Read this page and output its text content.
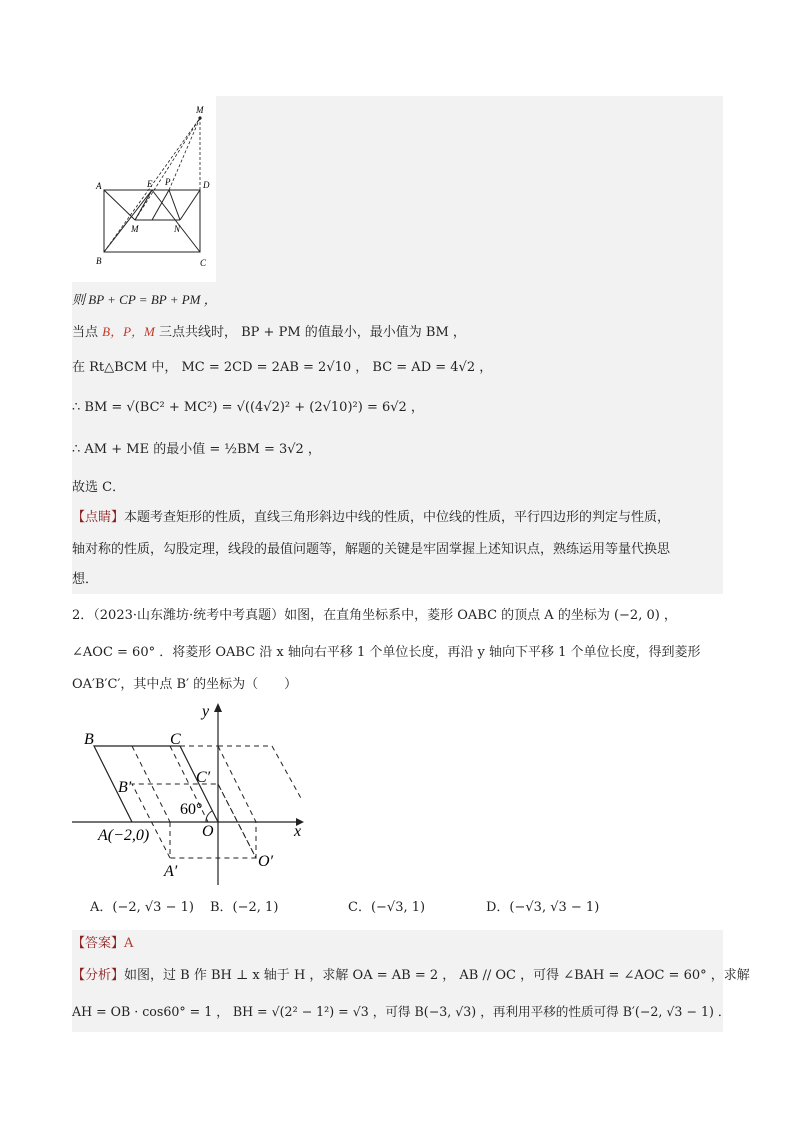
M
A	E P	D
M	N
B	C
则 BP + CP = BP + PM ，
当点 B，P，M 三点共线时， BP + PM 的值最小，最小值为 BM ，
在 Rt△BCM 中， MC = 2CD = 2AB = 2√10 ， BC = AD = 4√2 ，
∴ BM = √(BC² + MC²) = √((4√2)² + (2√10)²) = 6√2 ，
∴ AM + ME 的最小值 = ½BM = 3√2 ，
故选 C．
【点睛】本题考查矩形的性质，直线三角形斜边中线的性质，中位线的性质，平行四边形的判定与性质，
轴对称的性质，勾股定理，线段的最值问题等，解题的关键是牢固掌握上述知识点，熟练运用等量代换思
想．
2．（2023·山东潍坊·统考中考真题）如图，在直角坐标系中，菱形 OABC 的顶点 A 的坐标为 (−2, 0) ，
∠AOC = 60° ．将菱形 OABC 沿 x 轴向右平移 1 个单位长度，再沿 y 轴向下平移 1 个单位长度，得到菱形
OA′B′C′，其中点 B′ 的坐标为（　　）
y
x
B	C
B′
C′
60°
O
A(−2,0)
A′
O′
A．(−2, √3 − 1) B．(−2, 1)	C．(−√3, 1)	D．(−√3, √3 − 1)
【答案】A
【分析】如图，过 B 作 BH ⊥ x 轴于 H ，求解 OA = AB = 2 ， AB // OC ，可得 ∠BAH = ∠AOC = 60° ，求解
AH = OB · cos60° = 1 ， BH = √(2² − 1²) = √3 ，可得 B(−3, √3) ，再利用平移的性质可得 B′(−2, √3 − 1) ．
